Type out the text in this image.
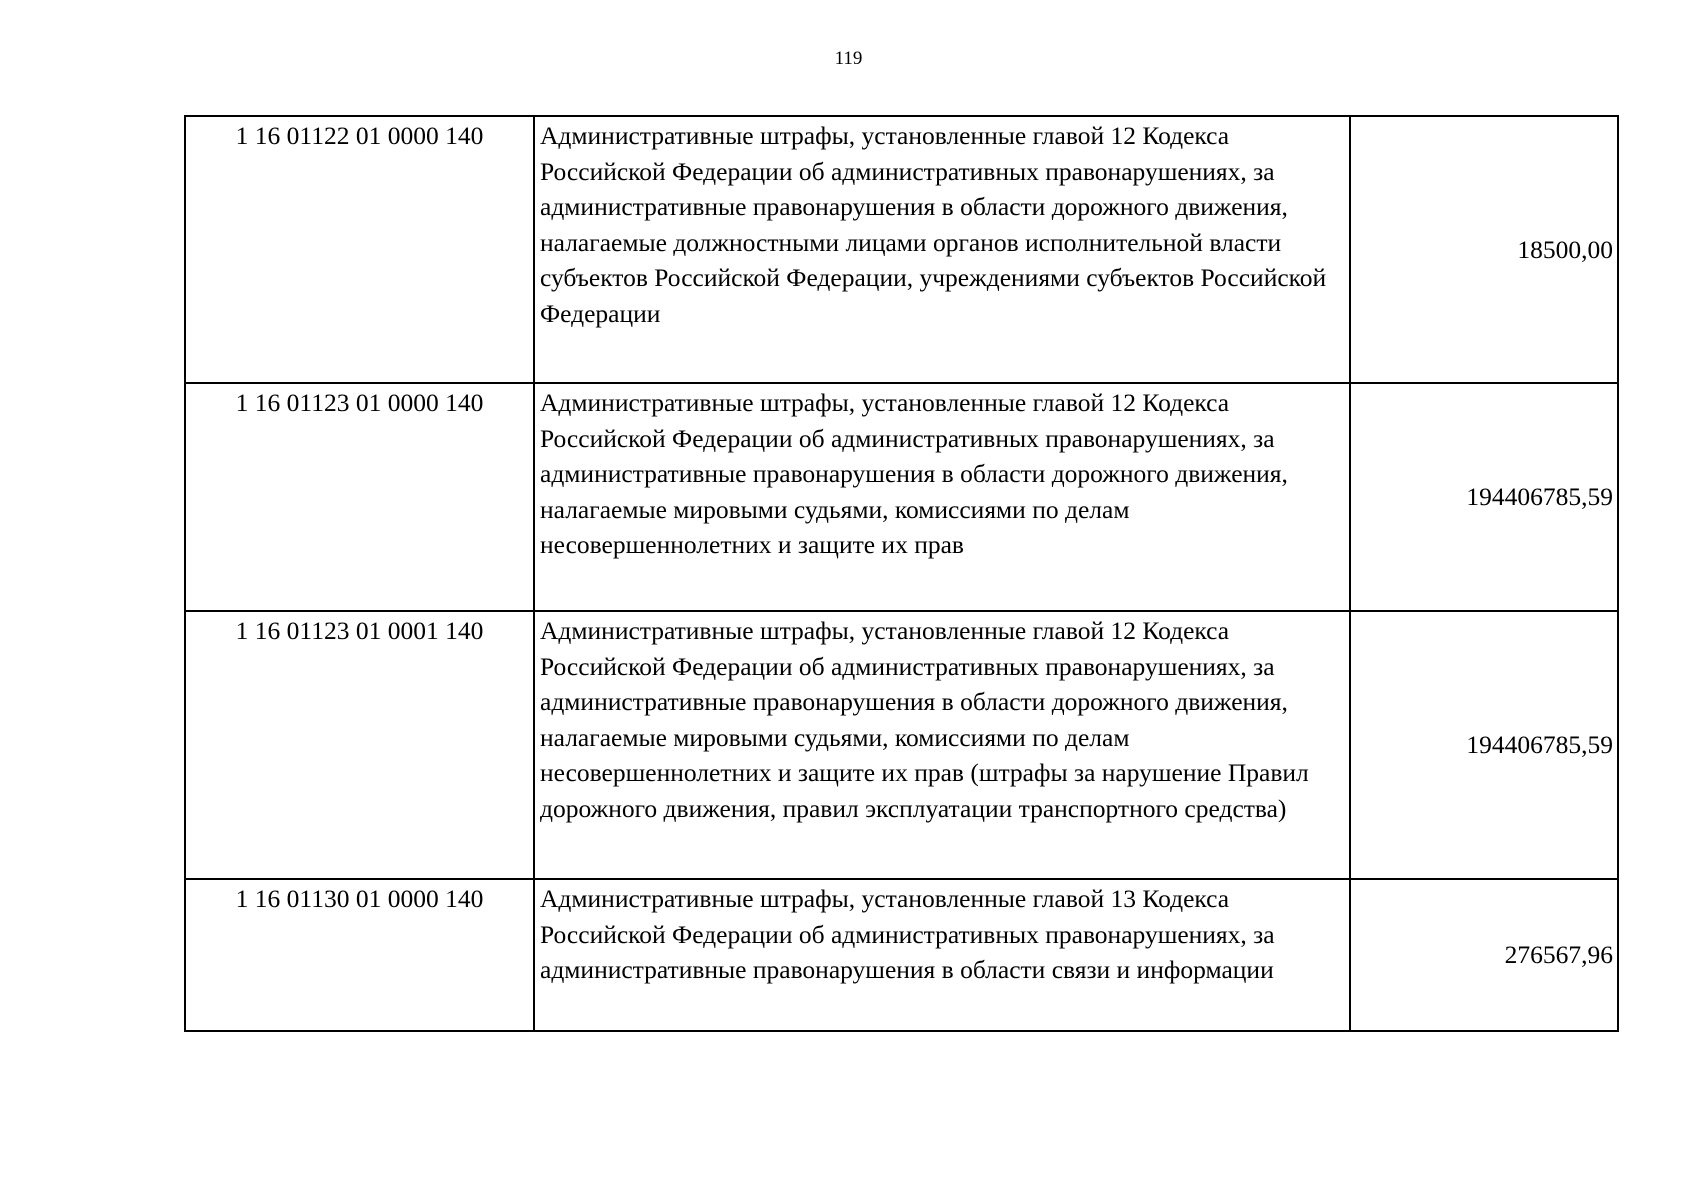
119
1 16 01122 01 0000 140	Административные штрафы, установленные главой 12 Кодекса Российской Федерации об административных правонарушениях, за административные правонарушения в области дорожного движения, налагаемые должностными лицами органов исполнительной власти субъектов Российской Федерации, учреждениями субъектов Российской Федерации	18500,00
1 16 01123 01 0000 140	Административные штрафы, установленные главой 12 Кодекса Российской Федерации об административных правонарушениях, за административные правонарушения в области дорожного движения, налагаемые мировыми судьями, комиссиями по делам несовершеннолетних и защите их прав	194406785,59
1 16 01123 01 0001 140	Административные штрафы, установленные главой 12 Кодекса Российской Федерации об административных правонарушениях, за административные правонарушения в области дорожного движения, налагаемые мировыми судьями, комиссиями по делам несовершеннолетних и защите их прав (штрафы за нарушение Правил дорожного движения, правил эксплуатации транспортного средства)	194406785,59
1 16 01130 01 0000 140	Административные штрафы, установленные главой 13 Кодекса Российской Федерации об административных правонарушениях, за административные правонарушения в области связи и информации	276567,96
